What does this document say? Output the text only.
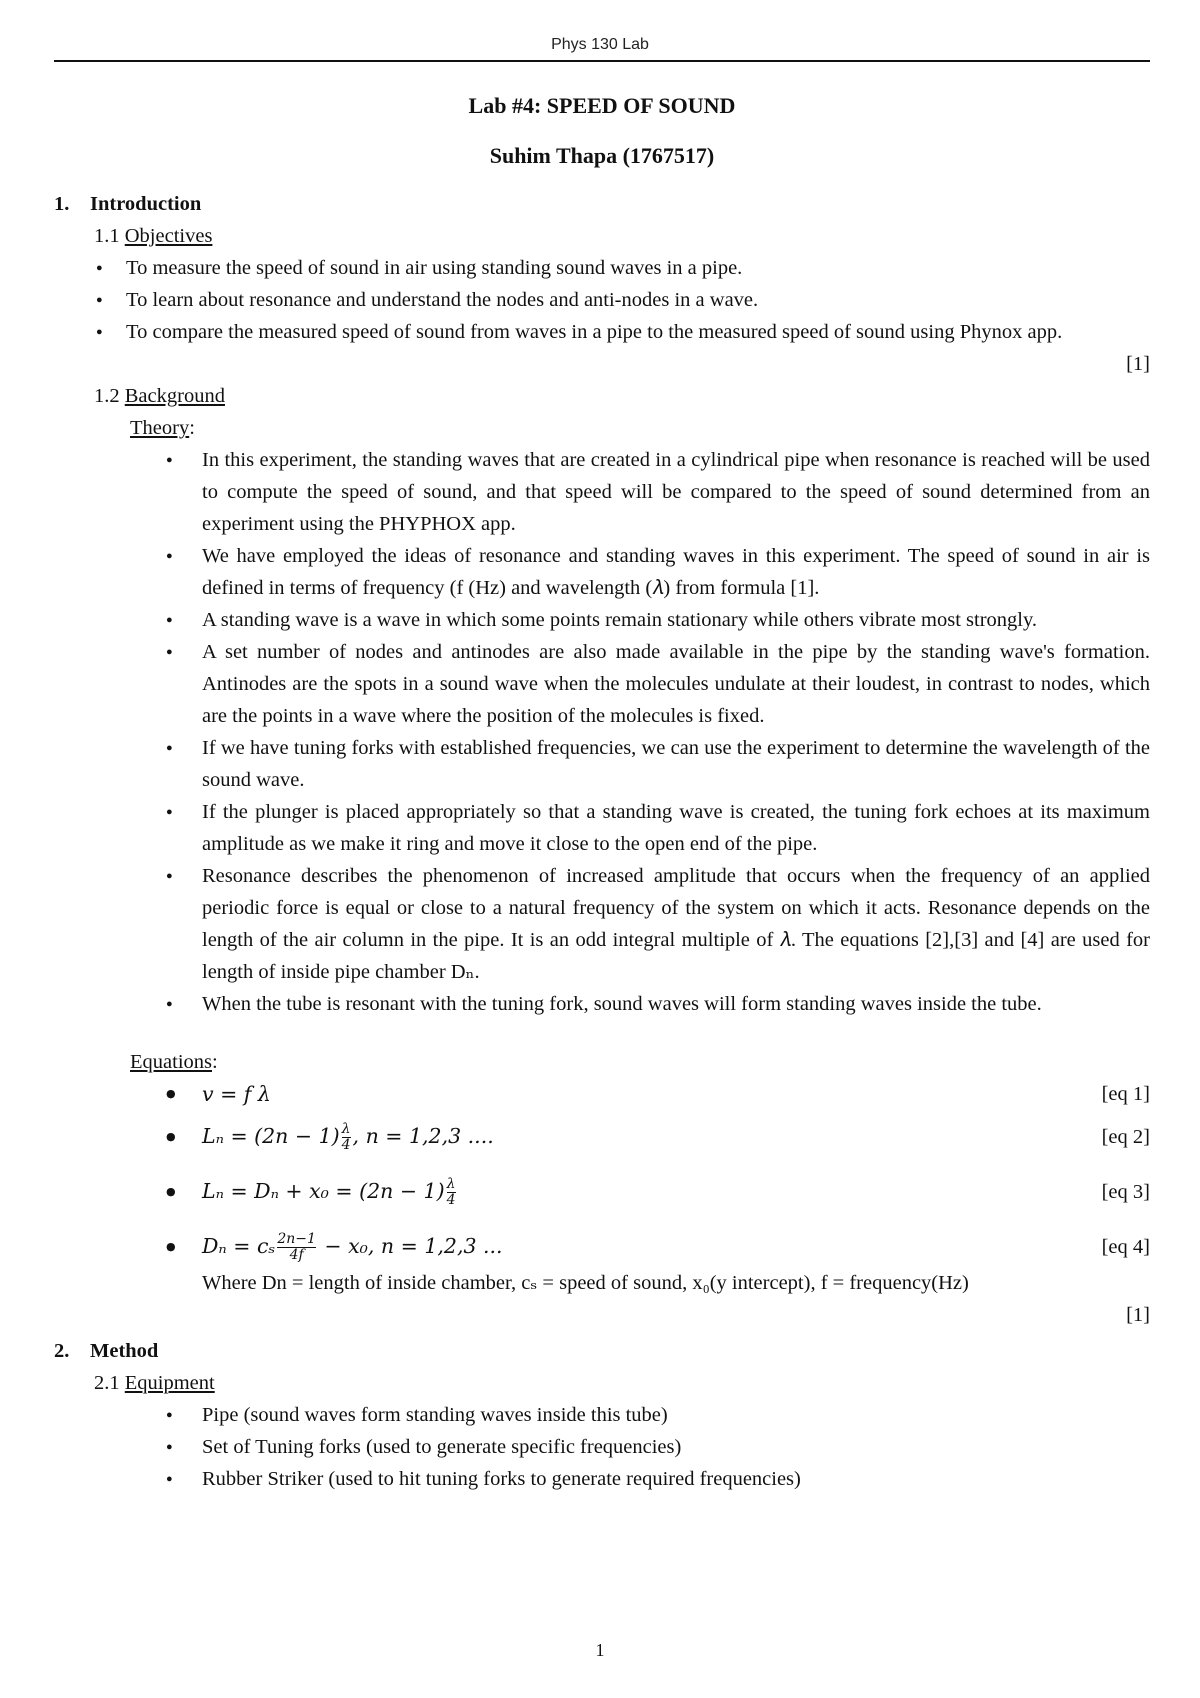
Phys 130 Lab
Lab #4: SPEED OF SOUND
Suhim Thapa (1767517)
1.	Introduction
1.1 Objectives
● To measure the speed of sound in air using standing sound waves in a pipe.
● To learn about resonance and understand the nodes and anti-nodes in a wave.
● To compare the measured speed of sound from waves in a pipe to the measured speed of sound using Phynox app.
[1]
1.2 Background
Theory:
● In this experiment, the standing waves that are created in a cylindrical pipe when resonance is reached will be used to compute the speed of sound, and that speed will be compared to the speed of sound determined from an experiment using the PHYPHOX app.
● We have employed the ideas of resonance and standing waves in this experiment. The speed of sound in air is defined in terms of frequency (f (Hz) and wavelength (𝜆) from formula [1].
● A standing wave is a wave in which some points remain stationary while others vibrate most strongly.
● A set number of nodes and antinodes are also made available in the pipe by the standing wave's formation. Antinodes are the spots in a sound wave when the molecules undulate at their loudest, in contrast to nodes, which are the points in a wave where the position of the molecules is fixed.
● If we have tuning forks with established frequencies, we can use the experiment to determine the wavelength of the sound wave.
● If the plunger is placed appropriately so that a standing wave is created, the tuning fork echoes at its maximum amplitude as we make it ring and move it close to the open end of the pipe.
● Resonance describes the phenomenon of increased amplitude that occurs when the frequency of an applied periodic force is equal or close to a natural frequency of the system on which it acts. Resonance depends on the length of the air column in the pipe. It is an odd integral multiple of 𝜆. The equations [2],[3] and [4] are used for length of inside pipe chamber Dₙ.
● When the tube is resonant with the tuning fork, sound waves will form standing waves inside the tube.
Equations:
● 𝑣 = 𝑓 𝜆	[eq 1]
● 𝐿ₙ = (2𝑛 − $1) \frac{\text{𝜆}}{4}$ , 𝑛 = 1,2,3 ....	[eq 2]
● 𝐿ₙ = 𝐷ₙ + 𝑥₀ = (2𝑛 − $1) \frac{\text{𝜆}}{4}$	[eq 3]
● 𝐷ₙ = 𝑐ₛ $\frac{\text{2𝑛−1}}{\text{4𝑓}}$ − 𝑥₀, 𝑛 = 1,2,3 ...	[eq 4]
Where Dn = length of inside chamber, cₛ = speed of sound, x₀(y intercept), f = frequency(Hz)
[1]
2.	Method
2.1 Equipment
● Pipe (sound waves form standing waves inside this tube)
● Set of Tuning forks (used to generate specific frequencies)
● Rubber Striker (used to hit tuning forks to generate required frequencies)
1
